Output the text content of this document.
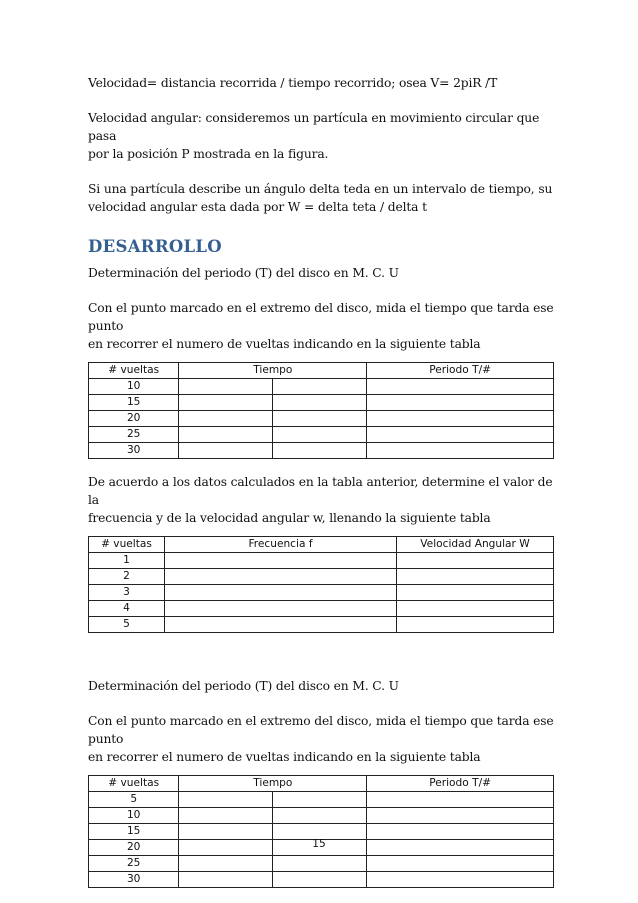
Velocidad= distancia recorrida / tiempo recorrido; osea V= 2piR /T

Velocidad angular: consideremos un partícula en movimiento circular que pasa

por la posición P mostrada en la figura.

Si una partícula describe un ángulo delta teda en un intervalo de tiempo, su

velocidad angular esta dada por W = delta teta / delta t

DESARROLLO

Determinación del periodo (T) del disco en M. C. U

Con el punto marcado en el extremo del disco, mida el tiempo que tarda ese punto

en recorrer el numero de vueltas indicando en la siguiente tabla

# vueltas	Tiempo		Periodo T/#
10			
15			
20			
25			
30			

De acuerdo a los datos calculados en la tabla anterior, determine el valor de la

frecuencia y de la velocidad angular w, llenando la siguiente tabla

# vueltas	Frecuencia f	Velocidad Angular W
1		
2		
3		
4		
5		

Determinación del periodo (T) del disco en M. C. U

Con el punto marcado en el extremo del disco, mida el tiempo que tarda ese punto

en recorrer el numero de vueltas indicando en la siguiente tabla

# vueltas	Tiempo		Periodo T/#
5			
10			
15			
20			
25			
30			
15
